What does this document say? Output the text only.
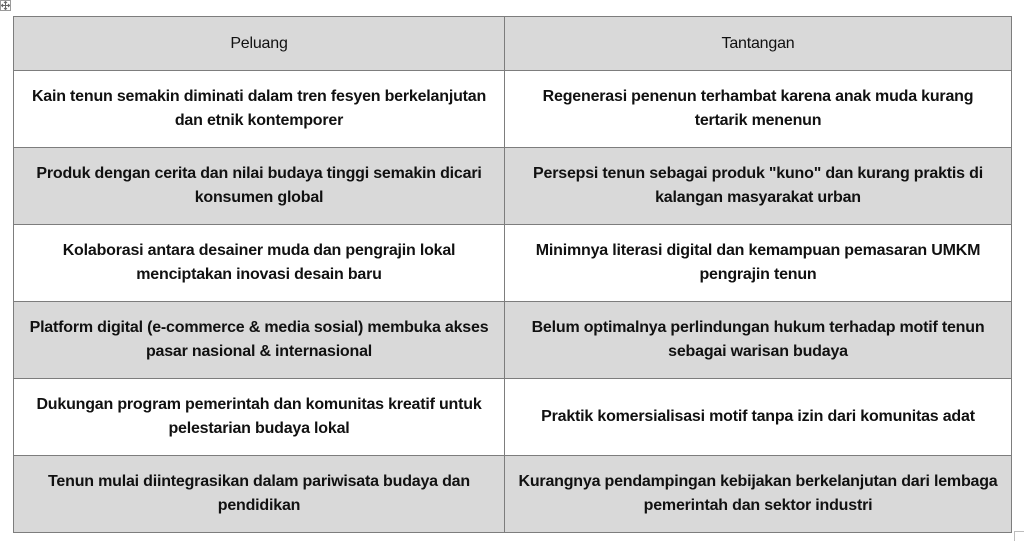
Peluang	Tantangan
Kain tenun semakin diminati dalam tren fesyen berkelanjutan dan etnik kontemporer	Regenerasi penenun terhambat karena anak muda kurang tertarik menenun
Produk dengan cerita dan nilai budaya tinggi semakin dicari konsumen global	Persepsi tenun sebagai produk "kuno" dan kurang praktis di kalangan masyarakat urban
Kolaborasi antara desainer muda dan pengrajin lokal menciptakan inovasi desain baru	Minimnya literasi digital dan kemampuan pemasaran UMKM pengrajin tenun
Platform digital (e-commerce & media sosial) membuka akses pasar nasional & internasional	Belum optimalnya perlindungan hukum terhadap motif tenun sebagai warisan budaya
Dukungan program pemerintah dan komunitas kreatif untuk pelestarian budaya lokal	Praktik komersialisasi motif tanpa izin dari komunitas adat
Tenun mulai diintegrasikan dalam pariwisata budaya dan pendidikan	Kurangnya pendampingan kebijakan berkelanjutan dari lembaga pemerintah dan sektor industri
